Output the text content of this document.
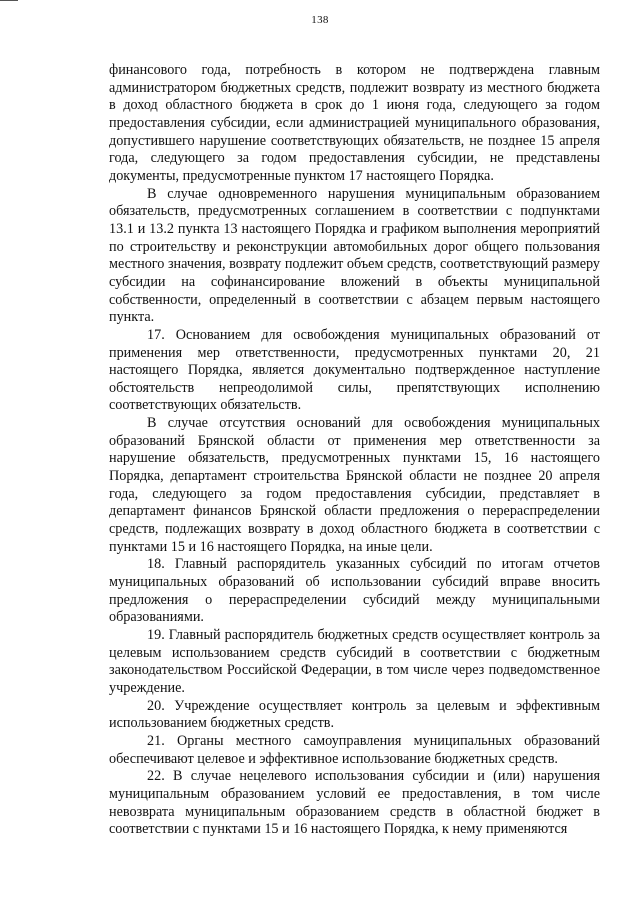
138

финансового года, потребность в котором не подтверждена главным администратором бюджетных средств, подлежит возврату из местного бюджета в доход областного бюджета в срок до 1 июня года, следующего за годом предоставления субсидии, если администрацией муниципального образования, допустившего нарушение соответствующих обязательств, не позднее 15 апреля года, следующего за годом предоставления субсидии, не представлены документы, предусмотренные пунктом 17 настоящего Порядка.

В случае одновременного нарушения муниципальным образованием обязательств, предусмотренных соглашением в соответствии с подпунктами 13.1 и 13.2 пункта 13 настоящего Порядка и графиком выполнения мероприятий по строительству и реконструкции автомобильных дорог общего пользования местного значения, возврату подлежит объем средств, соответствующий размеру субсидии на софинансирование вложений в объекты муниципальной собственности, определенный в соответствии с абзацем первым настоящего пункта.

17. Основанием для освобождения муниципальных образований от применения мер ответственности, предусмотренных пунктами 20, 21 настоящего Порядка, является документально подтвержденное наступление обстоятельств непреодолимой силы, препятствующих исполнению соответствующих обязательств.

В случае отсутствия оснований для освобождения муниципальных образований Брянской области от применения мер ответственности за нарушение обязательств, предусмотренных пунктами 15, 16 настоящего Порядка, департамент строительства Брянской области не позднее 20 апреля года, следующего за годом предоставления субсидии, представляет в департамент финансов Брянской области предложения о перераспределении средств, подлежащих возврату в доход областного бюджета в соответствии с пунктами 15 и 16 настоящего Порядка, на иные цели.

18. Главный распорядитель указанных субсидий по итогам отчетов муниципальных образований об использовании субсидий вправе вносить предложения о перераспределении субсидий между муниципальными образованиями.

19. Главный распорядитель бюджетных средств осуществляет контроль за целевым использованием средств субсидий в соответствии с бюджетным законодательством Российской Федерации, в том числе через подведомственное учреждение.

20. Учреждение осуществляет контроль за целевым и эффективным использованием бюджетных средств.

21. Органы местного самоуправления муниципальных образований обеспечивают целевое и эффективное использование бюджетных средств.

22. В случае нецелевого использования субсидии и (или) нарушения муниципальным образованием условий ее предоставления, в том числе невозврата муниципальным образованием средств в областной бюджет в соответствии с пунктами 15 и 16 настоящего Порядка, к нему применяются
